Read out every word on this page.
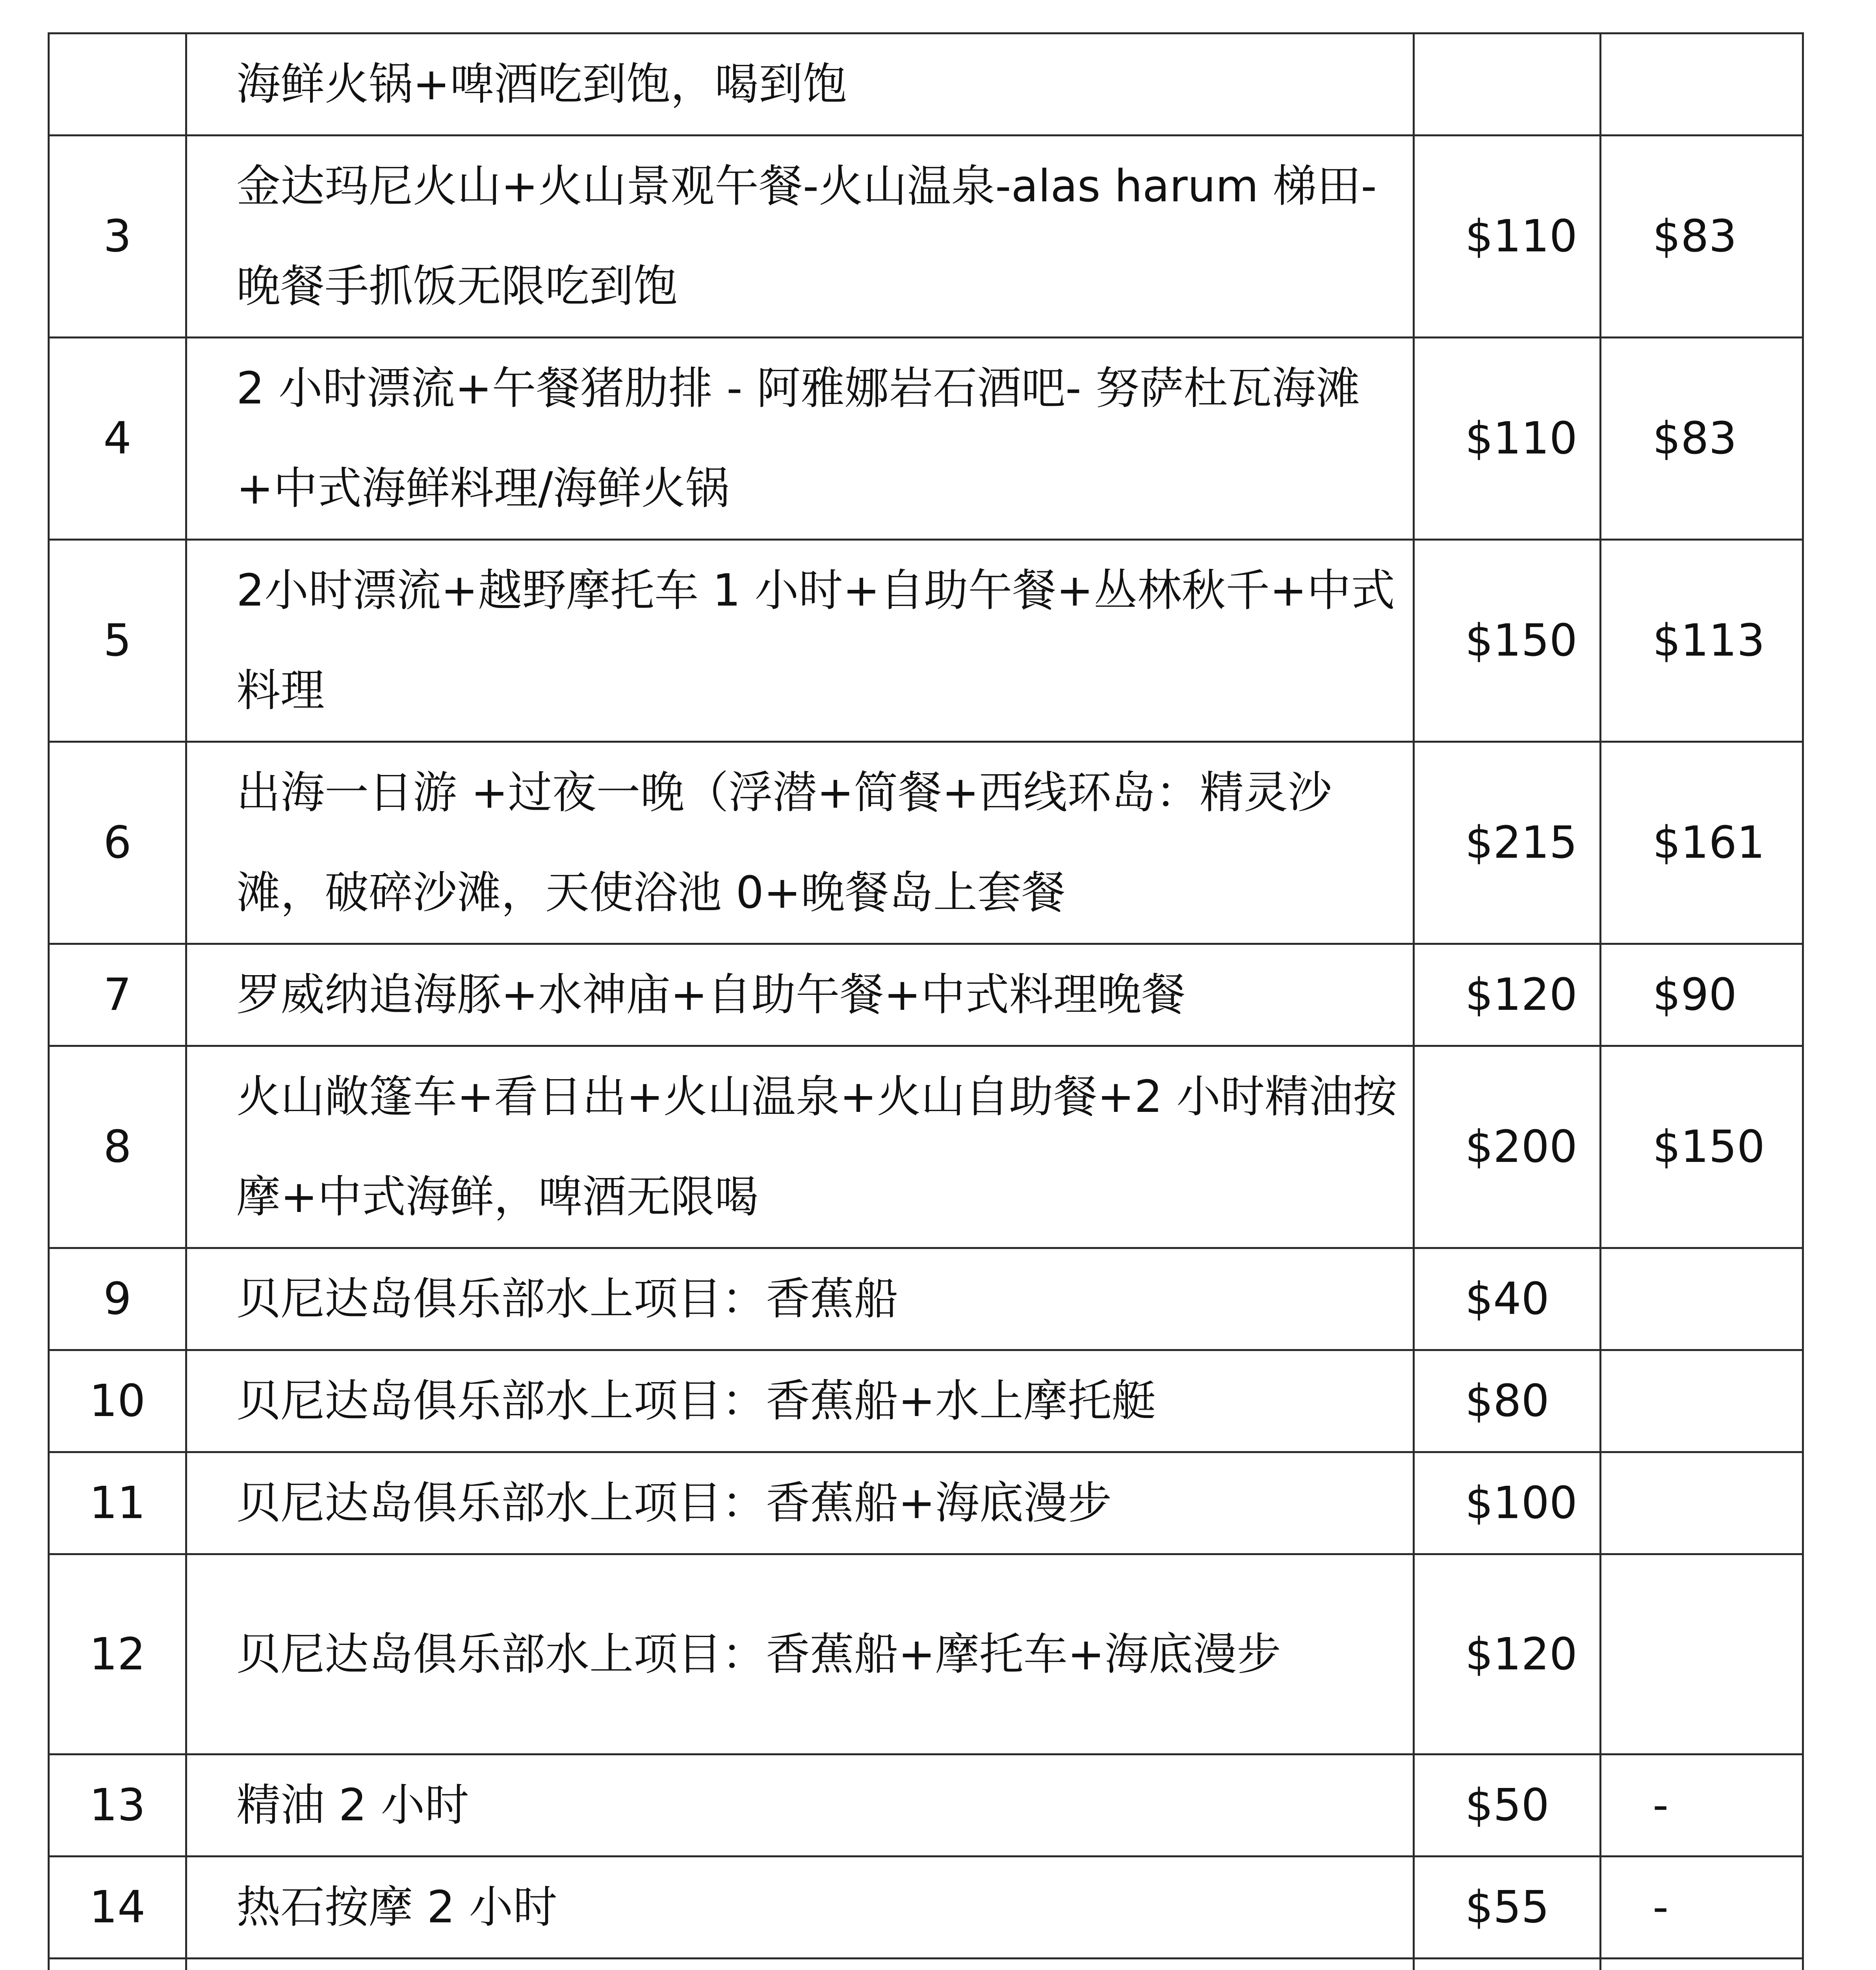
	海鲜火锅+啤酒吃到饱，喝到饱		
3	金达玛尼火山+火山景观午餐-火山温泉-alas harum 梯田-晚餐手抓饭无限吃到饱	$110	$83
4	2 小时漂流+午餐猪肋排 - 阿雅娜岩石酒吧- 努萨杜瓦海滩+中式海鲜料理/海鲜火锅	$110	$83
5	2小时漂流+越野摩托车 1 小时+自助午餐+丛林秋千+中式料理	$150	$113
6	出海一日游 +过夜一晚（浮潜+简餐+西线环岛：精灵沙滩，破碎沙滩，天使浴池 0+晚餐岛上套餐	$215	$161
7	罗威纳追海豚+水神庙+自助午餐+中式料理晚餐	$120	$90
8	火山敞篷车+看日出+火山温泉+火山自助餐+2 小时精油按摩+中式海鲜，啤酒无限喝	$200	$150
9	贝尼达岛俱乐部水上项目：香蕉船	$40	
10	贝尼达岛俱乐部水上项目：香蕉船+水上摩托艇	$80	
11	贝尼达岛俱乐部水上项目：香蕉船+海底漫步	$100	
12	贝尼达岛俱乐部水上项目：香蕉船+摩托车+海底漫步	$120	
13	精油 2 小时	$50	-
14	热石按摩 2 小时	$55	-
